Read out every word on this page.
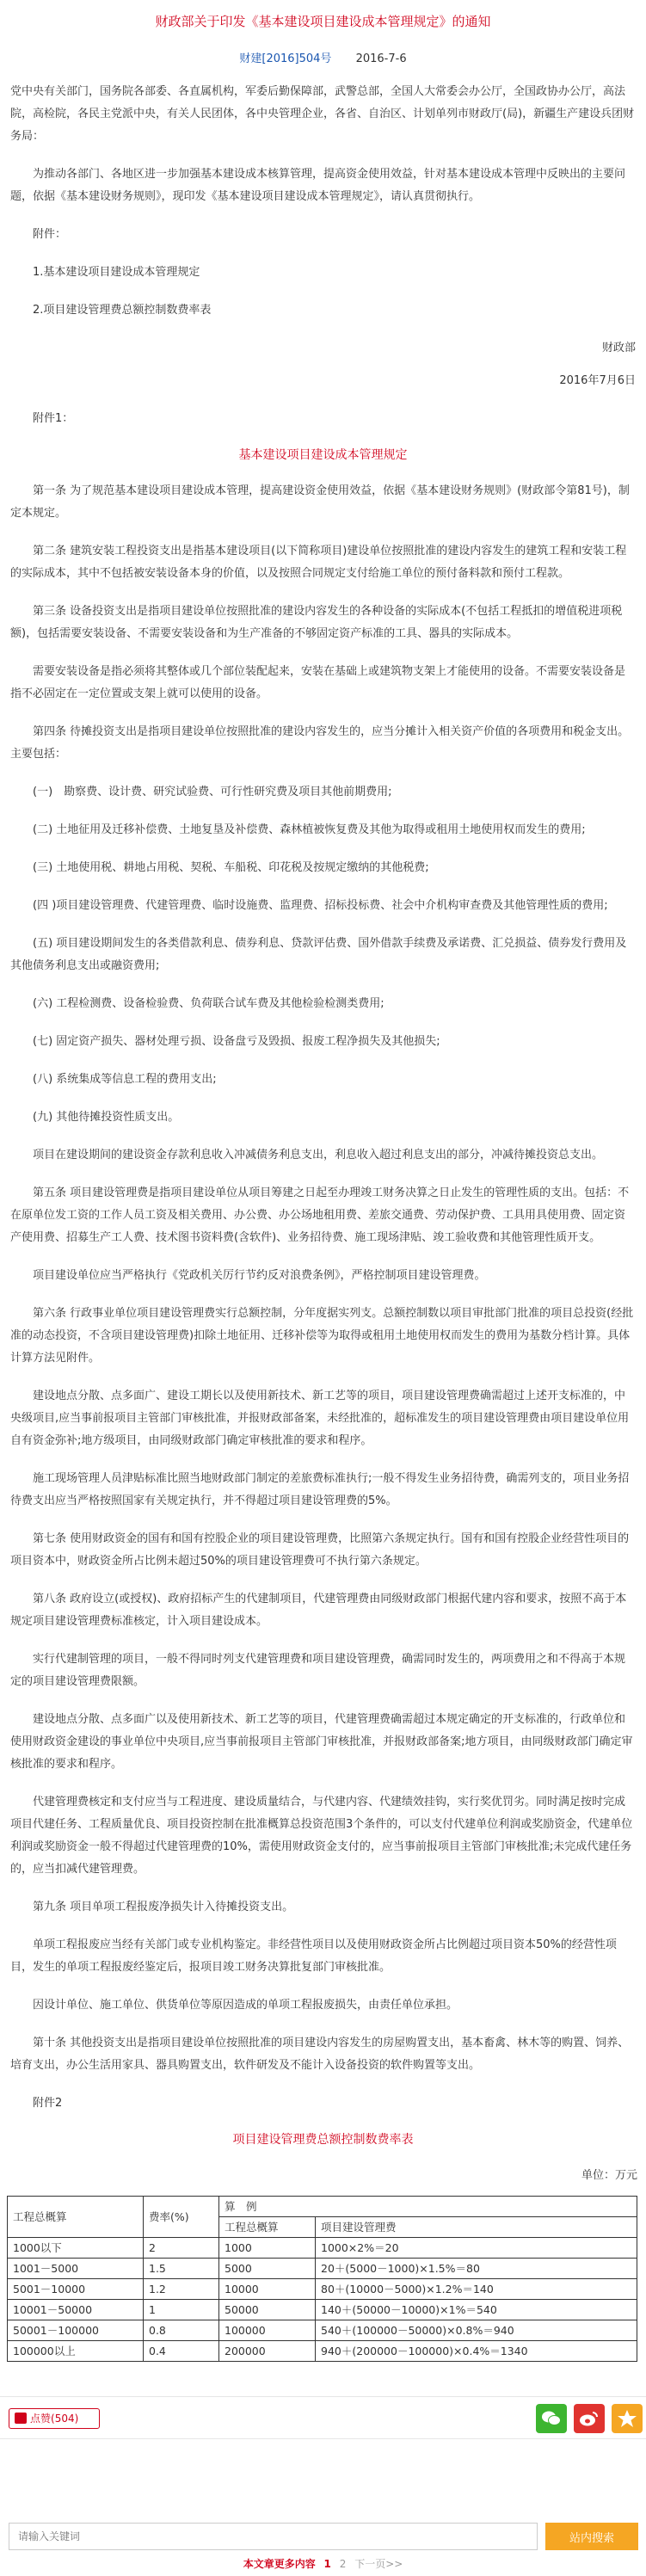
财政部关于印发《基本建设项目建设成本管理规定》的通知
财建[2016]504号 2016-7-6

党中央有关部门，国务院各部委、各直属机构，军委后勤保障部，武警总部，全国人大常委会办公厅，全国政协办公厅，高法院，高检院，各民主党派中央，有关人民团体，各中央管理企业，各省、自治区、计划单列市财政厅(局)，新疆生产建设兵团财务局：

为推动各部门、各地区进一步加强基本建设成本核算管理，提高资金使用效益，针对基本建设成本管理中反映出的主要问题，依据《基本建设财务规则》，现印发《基本建设项目建设成本管理规定》，请认真贯彻执行。

附件：

1.基本建设项目建设成本管理规定

2.项目建设管理费总额控制数费率表

财政部

2016年7月6日

附件1：

基本建设项目建设成本管理规定

第一条 为了规范基本建设项目建设成本管理，提高建设资金使用效益，依据《基本建设财务规则》(财政部令第81号)，制定本规定。

第二条 建筑安装工程投资支出是指基本建设项目(以下简称项目)建设单位按照批准的建设内容发生的建筑工程和安装工程的实际成本，其中不包括被安装设备本身的价值，以及按照合同规定支付给施工单位的预付备料款和预付工程款。

第三条 设备投资支出是指项目建设单位按照批准的建设内容发生的各种设备的实际成本(不包括工程抵扣的增值税进项税额)，包括需要安装设备、不需要安装设备和为生产准备的不够固定资产标准的工具、器具的实际成本。

需要安装设备是指必须将其整体或几个部位装配起来，安装在基础上或建筑物支架上才能使用的设备。不需要安装设备是指不必固定在一定位置或支架上就可以使用的设备。

第四条 待摊投资支出是指项目建设单位按照批准的建设内容发生的，应当分摊计入相关资产价值的各项费用和税金支出。主要包括：

(一)　勘察费、设计费、研究试验费、可行性研究费及项目其他前期费用;

(二) 土地征用及迁移补偿费、土地复垦及补偿费、森林植被恢复费及其他为取得或租用土地使用权而发生的费用;

(三) 土地使用税、耕地占用税、契税、车船税、印花税及按规定缴纳的其他税费;

(四 )项目建设管理费、代建管理费、临时设施费、监理费、招标投标费、社会中介机构审查费及其他管理性质的费用;

(五) 项目建设期间发生的各类借款利息、债券利息、贷款评估费、国外借款手续费及承诺费、汇兑损益、债券发行费用及其他债务利息支出或融资费用;

(六) 工程检测费、设备检验费、负荷联合试车费及其他检验检测类费用;

(七) 固定资产损失、器材处理亏损、设备盘亏及毁损、报废工程净损失及其他损失;

(八) 系统集成等信息工程的费用支出;

(九) 其他待摊投资性质支出。

项目在建设期间的建设资金存款利息收入冲减债务利息支出，利息收入超过利息支出的部分，冲减待摊投资总支出。

第五条 项目建设管理费是指项目建设单位从项目筹建之日起至办理竣工财务决算之日止发生的管理性质的支出。包括：不在原单位发工资的工作人员工资及相关费用、办公费、办公场地租用费、差旅交通费、劳动保护费、工具用具使用费、固定资产使用费、招募生产工人费、技术图书资料费(含软件)、业务招待费、施工现场津贴、竣工验收费和其他管理性质开支。

项目建设单位应当严格执行《党政机关厉行节约反对浪费条例》，严格控制项目建设管理费。

第六条 行政事业单位项目建设管理费实行总额控制，分年度据实列支。总额控制数以项目审批部门批准的项目总投资(经批准的动态投资，不含项目建设管理费)扣除土地征用、迁移补偿等为取得或租用土地使用权而发生的费用为基数分档计算。具体计算方法见附件。

建设地点分散、点多面广、建设工期长以及使用新技术、新工艺等的项目，项目建设管理费确需超过上述开支标准的，中央级项目,应当事前报项目主管部门审核批准，并报财政部备案，未经批准的，超标准发生的项目建设管理费由项目建设单位用自有资金弥补;地方级项目，由同级财政部门确定审核批准的要求和程序。

施工现场管理人员津贴标准比照当地财政部门制定的差旅费标准执行;一般不得发生业务招待费，确需列支的，项目业务招待费支出应当严格按照国家有关规定执行，并不得超过项目建设管理费的5%。

第七条 使用财政资金的国有和国有控股企业的项目建设管理费，比照第六条规定执行。国有和国有控股企业经营性项目的项目资本中，财政资金所占比例未超过50%的项目建设管理费可不执行第六条规定。

第八条 政府设立(或授权)、政府招标产生的代建制项目，代建管理费由同级财政部门根据代建内容和要求，按照不高于本规定项目建设管理费标准核定，计入项目建设成本。

实行代建制管理的项目，一般不得同时列支代建管理费和项目建设管理费，确需同时发生的，两项费用之和不得高于本规定的项目建设管理费限额。

建设地点分散、点多面广以及使用新技术、新工艺等的项目，代建管理费确需超过本规定确定的开支标准的，行政单位和使用财政资金建设的事业单位中央项目,应当事前报项目主管部门审核批准，并报财政部备案;地方项目，由同级财政部门确定审核批准的要求和程序。

代建管理费核定和支付应当与工程进度、建设质量结合，与代建内容、代建绩效挂钩，实行奖优罚劣。同时满足按时完成项目代建任务、工程质量优良、项目投资控制在批准概算总投资范围3个条件的，可以支付代建单位利润或奖励资金，代建单位利润或奖励资金一般不得超过代建管理费的10%，需使用财政资金支付的，应当事前报项目主管部门审核批准;未完成代建任务的，应当扣减代建管理费。

第九条 项目单项工程报废净损失计入待摊投资支出。

单项工程报废应当经有关部门或专业机构鉴定。非经营性项目以及使用财政资金所占比例超过项目资本50%的经营性项目，发生的单项工程报废经鉴定后，报项目竣工财务决算批复部门审核批准。

因设计单位、施工单位、供货单位等原因造成的单项工程报废损失，由责任单位承担。

第十条 其他投资支出是指项目建设单位按照批准的项目建设内容发生的房屋购置支出，基本畜禽、林木等的购置、饲养、培育支出，办公生活用家具、器具购置支出，软件研发及不能计入设备投资的软件购置等支出。

附件2

项目建设管理费总额控制数费率表
单位：万元
工程总概算	费率(%)	算　例	
		工程总概算	项目建设管理费
1000以下	2	1000	1000×2%＝20
1001－5000	1.5	5000	20＋(5000－1000)×1.5%＝80
5001－10000	1.2	10000	80＋(10000－5000)×1.2%＝140
10001－50000	1	50000	140＋(50000－10000)×1%＝540
50001－100000	0.8	100000	540＋(100000－50000)×0.8%＝940
100000以上	0.4	200000	940＋(200000－100000)×0.4%＝1340
点赞(504)
请输入关键词
站内搜索
本文章更多内容 1 2 下一页>>
